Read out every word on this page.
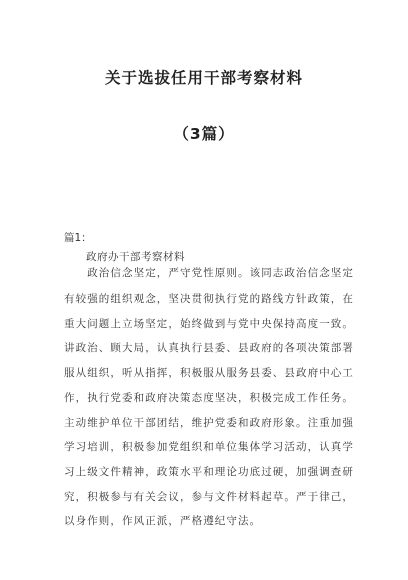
关于选拔任用干部考察材料
（3篇）
篇1：
政府办干部考察材料
　　政治信念坚定，严守党性原则。该同志政治信念坚定
有较强的组织观念，坚决贯彻执行党的路线方针政策，在
重大问题上立场坚定，始终做到与党中央保持高度一致。
讲政治、顾大局，认真执行县委、县政府的各项决策部署
服从组织，听从指挥，积极服从服务县委、县政府中心工
作，执行党委和政府决策态度坚决，积极完成工作任务。
主动维护单位干部团结，维护党委和政府形象。注重加强
学习培训，积极参加党组织和单位集体学习活动，认真学
习上级文件精神，政策水平和理论功底过硬，加强调查研
究，积极参与有关会议，参与文件材料起草。严于律己，
以身作则，作风正派，严格遵纪守法。
